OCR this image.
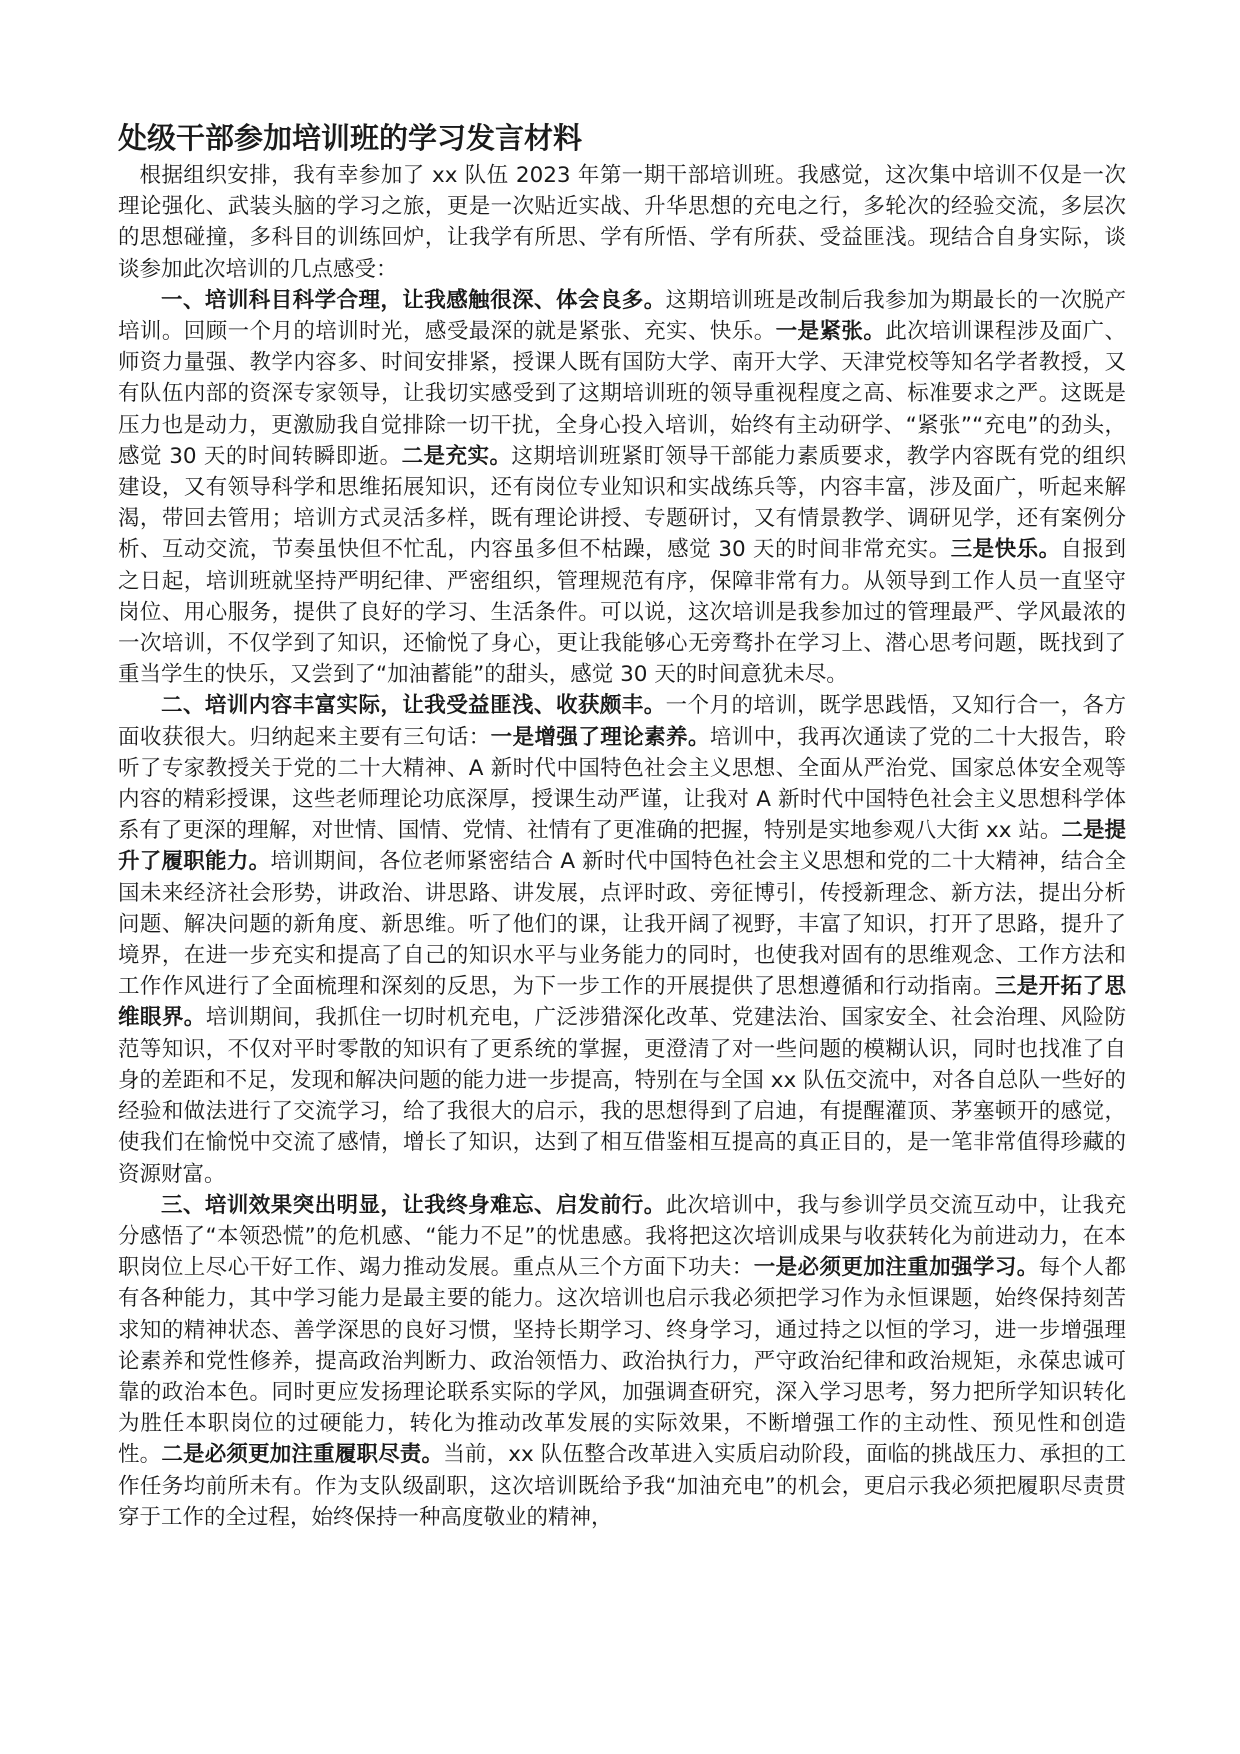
处级干部参加培训班的学习发言材料

根据组织安排，我有幸参加了 xx 队伍 2023 年第一期干部培训班。我感觉，这次集中培训不仅是一次理论强化、武装头脑的学习之旅，更是一次贴近实战、升华思想的充电之行，多轮次的经验交流，多层次的思想碰撞，多科目的训练回炉，让我学有所思、学有所悟、学有所获、受益匪浅。现结合自身实际，谈谈参加此次培训的几点感受：

一、培训科目科学合理，让我感触很深、体会良多。这期培训班是改制后我参加为期最长的一次脱产培训。回顾一个月的培训时光，感受最深的就是紧张、充实、快乐。一是紧张。此次培训课程涉及面广、师资力量强、教学内容多、时间安排紧，授课人既有国防大学、南开大学、天津党校等知名学者教授，又有队伍内部的资深专家领导，让我切实感受到了这期培训班的领导重视程度之高、标准要求之严。这既是压力也是动力，更激励我自觉排除一切干扰，全身心投入培训，始终有主动研学、“紧张”“充电”的劲头，感觉 30 天的时间转瞬即逝。二是充实。这期培训班紧盯领导干部能力素质要求，教学内容既有党的组织建设，又有领导科学和思维拓展知识，还有岗位专业知识和实战练兵等，内容丰富，涉及面广，听起来解渴，带回去管用；培训方式灵活多样，既有理论讲授、专题研讨，又有情景教学、调研见学，还有案例分析、互动交流，节奏虽快但不忙乱，内容虽多但不枯躁，感觉 30 天的时间非常充实。三是快乐。自报到之日起，培训班就坚持严明纪律、严密组织，管理规范有序，保障非常有力。从领导到工作人员一直坚守岗位、用心服务，提供了良好的学习、生活条件。可以说，这次培训是我参加过的管理最严、学风最浓的一次培训，不仅学到了知识，还愉悦了身心，更让我能够心无旁骛扑在学习上、潜心思考问题，既找到了重当学生的快乐，又尝到了“加油蓄能”的甜头，感觉 30 天的时间意犹未尽。

二、培训内容丰富实际，让我受益匪浅、收获颇丰。一个月的培训，既学思践悟，又知行合一，各方面收获很大。归纳起来主要有三句话：一是增强了理论素养。培训中，我再次通读了党的二十大报告，聆听了专家教授关于党的二十大精神、A 新时代中国特色社会主义思想、全面从严治党、国家总体安全观等内容的精彩授课，这些老师理论功底深厚，授课生动严谨，让我对 A 新时代中国特色社会主义思想科学体系有了更深的理解，对世情、国情、党情、社情有了更准确的把握，特别是实地参观八大街 xx 站。二是提升了履职能力。培训期间，各位老师紧密结合 A 新时代中国特色社会主义思想和党的二十大精神，结合全国未来经济社会形势，讲政治、讲思路、讲发展，点评时政、旁征博引，传授新理念、新方法，提出分析问题、解决问题的新角度、新思维。听了他们的课，让我开阔了视野，丰富了知识，打开了思路，提升了境界，在进一步充实和提高了自己的知识水平与业务能力的同时，也使我对固有的思维观念、工作方法和工作作风进行了全面梳理和深刻的反思，为下一步工作的开展提供了思想遵循和行动指南。三是开拓了思维眼界。培训期间，我抓住一切时机充电，广泛涉猎深化改革、党建法治、国家安全、社会治理、风险防范等知识，不仅对平时零散的知识有了更系统的掌握，更澄清了对一些问题的模糊认识，同时也找准了自身的差距和不足，发现和解决问题的能力进一步提高，特别在与全国 xx 队伍交流中，对各自总队一些好的经验和做法进行了交流学习，给了我很大的启示，我的思想得到了启迪，有提醒灌顶、茅塞顿开的感觉，使我们在愉悦中交流了感情，增长了知识，达到了相互借鉴相互提高的真正目的，是一笔非常值得珍藏的资源财富。

三、培训效果突出明显，让我终身难忘、启发前行。此次培训中，我与参训学员交流互动中，让我充分感悟了“本领恐慌”的危机感、“能力不足”的忧患感。我将把这次培训成果与收获转化为前进动力，在本职岗位上尽心干好工作、竭力推动发展。重点从三个方面下功夫：一是必须更加注重加强学习。每个人都有各种能力，其中学习能力是最主要的能力。这次培训也启示我必须把学习作为永恒课题，始终保持刻苦求知的精神状态、善学深思的良好习惯，坚持长期学习、终身学习，通过持之以恒的学习，进一步增强理论素养和党性修养，提高政治判断力、政治领悟力、政治执行力，严守政治纪律和政治规矩，永葆忠诚可靠的政治本色。同时更应发扬理论联系实际的学风，加强调查研究，深入学习思考，努力把所学知识转化为胜任本职岗位的过硬能力，转化为推动改革发展的实际效果，不断增强工作的主动性、预见性和创造性。二是必须更加注重履职尽责。当前，xx 队伍整合改革进入实质启动阶段，面临的挑战压力、承担的工作任务均前所未有。作为支队级副职，这次培训既给予我“加油充电”的机会，更启示我必须把履职尽责贯穿于工作的全过程，始终保持一种高度敬业的精神，
